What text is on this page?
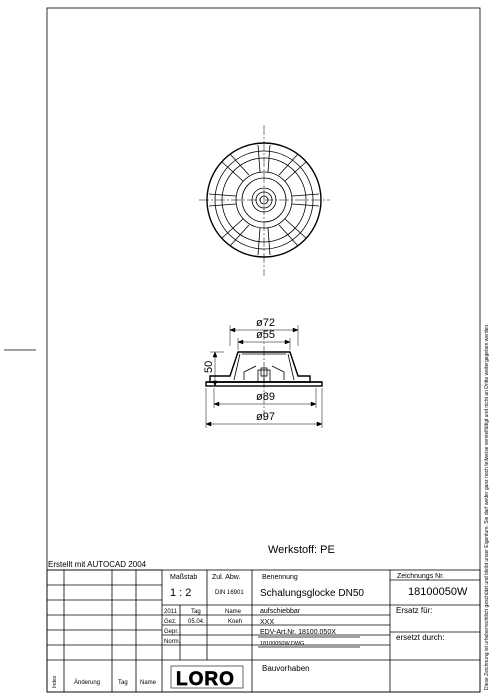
ø72
ø55
50
ø89
ø97
Werkstoff: PE
Erstellt mit AUTOCAD 2004
Maßstab
1 : 2
Zul. Abw.
DIN 16901
Benennung
Schalungsglocke DN50
Zeichnungs Nr.
18100050W
2011 Tag	Name
Gez. 05.04.	Koeh
Gepr.
Norm.
aufschiebbar
XXX
EDV-Art.Nr. 18100.050X
18100050W.DWG
Ersatz für:
ersetzt durch:
Bauvorhaben
LORO
Index	Änderung	Tag Name	Diese Zeichnung ist urheberrechtlich geschützt und bleibt unser Eigentum. Sie darf weder ganz noch teilweise vervielfältigt und nicht an Dritte weitergegeben werden.
